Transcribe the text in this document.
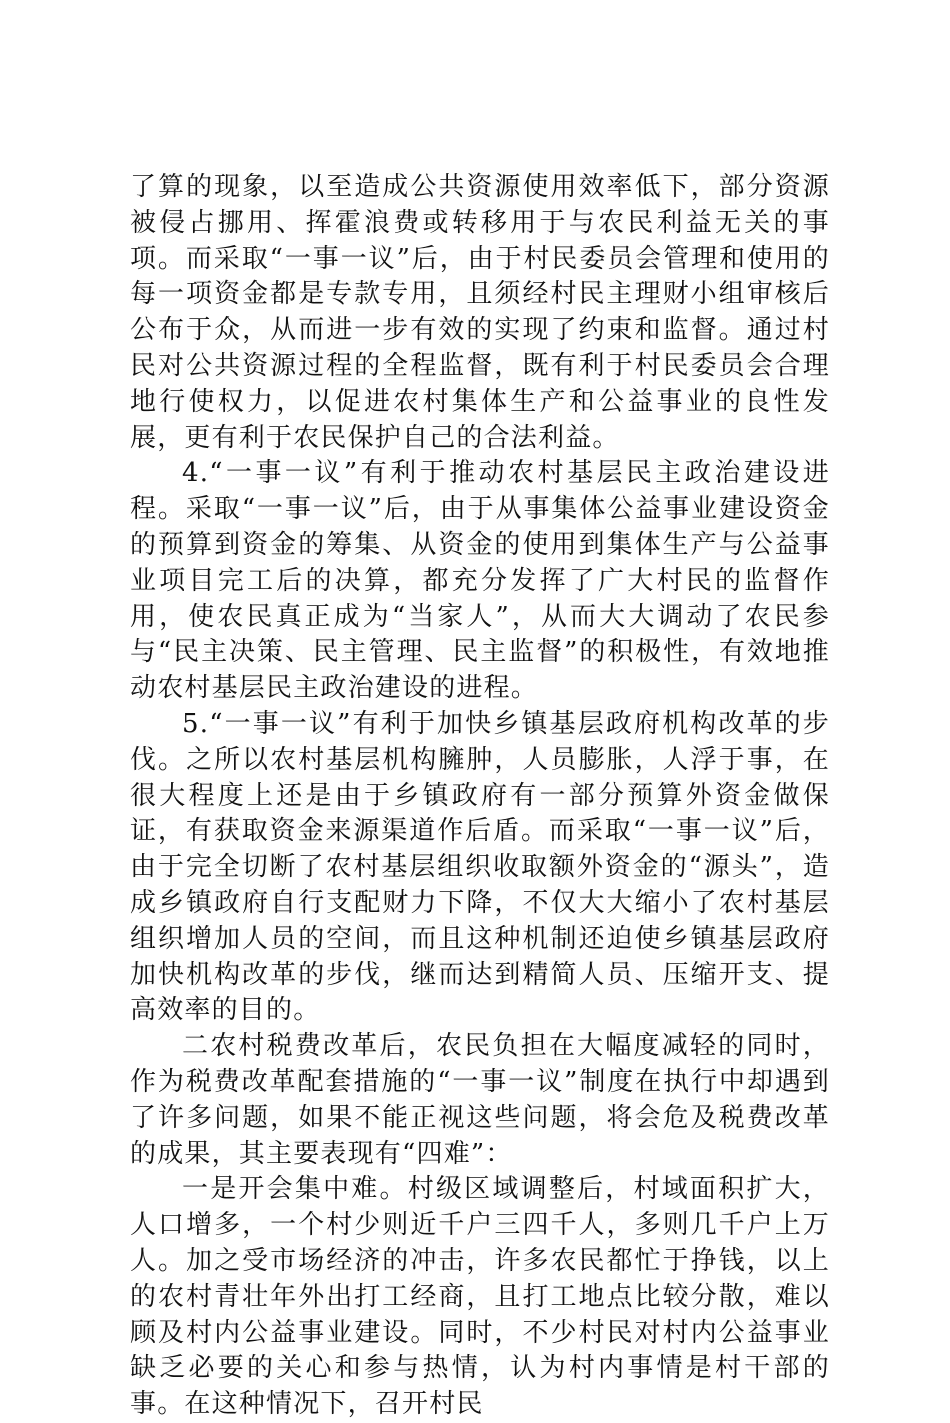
了算的现象，以至造成公共资源使用效率低下，部分资源被侵占挪用、挥霍浪费或转移用于与农民利益无关的事项。而采取“一事一议”后，由于村民委员会管理和使用的每一项资金都是专款专用，且须经村民主理财小组审核后公布于众，从而进一步有效的实现了约束和监督。通过村民对公共资源过程的全程监督，既有利于村民委员会合理地行使权力，以促进农村集体生产和公益事业的良性发展，更有利于农民保护自己的合法利益。

4.“一事一议”有利于推动农村基层民主政治建设进程。采取“一事一议”后，由于从事集体公益事业建设资金的预算到资金的筹集、从资金的使用到集体生产与公益事业项目完工后的决算，都充分发挥了广大村民的监督作用，使农民真正成为“当家人”，从而大大调动了农民参与“民主决策、民主管理、民主监督”的积极性，有效地推动农村基层民主政治建设的进程。

5.“一事一议”有利于加快乡镇基层政府机构改革的步伐。之所以农村基层机构臃肿，人员膨胀，人浮于事，在很大程度上还是由于乡镇政府有一部分预算外资金做保证，有获取资金来源渠道作后盾。而采取“一事一议”后，由于完全切断了农村基层组织收取额外资金的“源头”，造成乡镇政府自行支配财力下降，不仅大大缩小了农村基层组织增加人员的空间，而且这种机制还迫使乡镇基层政府加快机构改革的步伐，继而达到精简人员、压缩开支、提高效率的目的。

二农村税费改革后，农民负担在大幅度减轻的同时，作为税费改革配套措施的“一事一议”制度在执行中却遇到了许多问题，如果不能正视这些问题，将会危及税费改革的成果，其主要表现有“四难”：

一是开会集中难。村级区域调整后，村域面积扩大，人口增多，一个村少则近千户三四千人，多则几千户上万人。加之受市场经济的冲击，许多农民都忙于挣钱，以上的农村青壮年外出打工经商，且打工地点比较分散，难以顾及村内公益事业建设。同时，不少村民对村内公益事业缺乏必要的关心和参与热情，认为村内事情是村干部的事。在这种情况下，召开村民
